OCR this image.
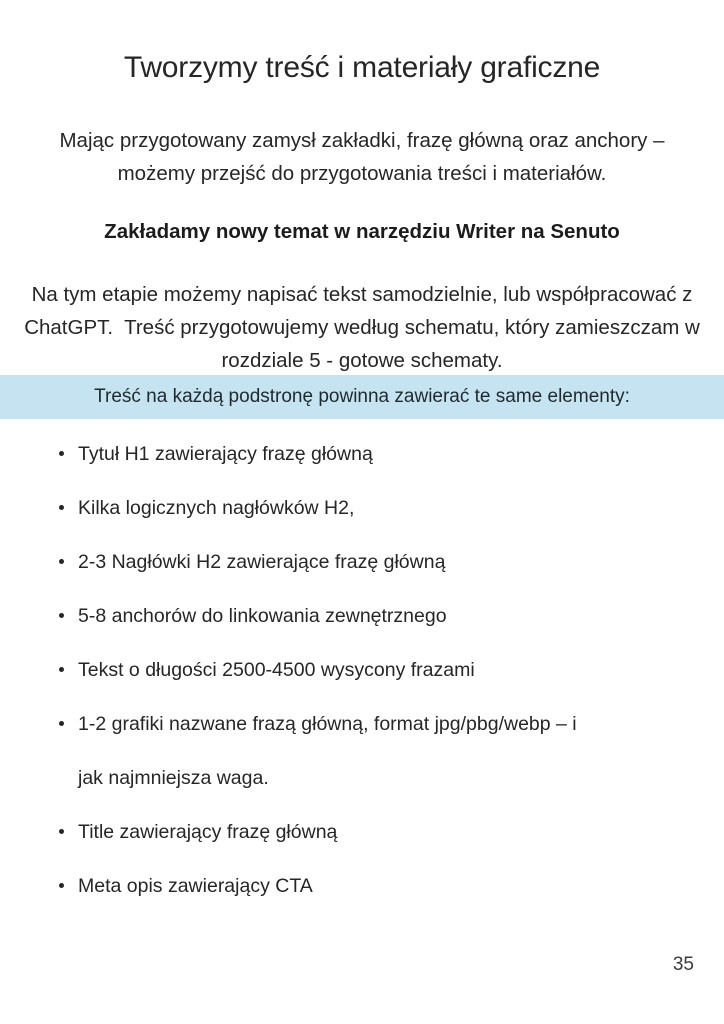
Tworzymy treść i materiały graficzne

Mając przygotowany zamysł zakładki, frazę główną oraz anchory – możemy przejść do przygotowania treści i materiałów.

Zakładamy nowy temat w narzędziu Writer na Senuto

Na tym etapie możemy napisać tekst samodzielnie, lub współpracować z ChatGPT.  Treść przygotowujemy według schematu, który zamieszczam w rozdziale 5 - gotowe schematy.

Treść na każdą podstronę powinna zawierać te same elementy:
Tytuł H1 zawierający frazę główną
Kilka logicznych nagłówków H2,
2-3 Nagłówki H2 zawierające frazę główną
5-8 anchorów do linkowania zewnętrznego
Tekst o długości 2500-4500 wysycony frazami
1-2 grafiki nazwane frazą główną, format jpg/pbg/webp – i
jak najmniejsza waga.
Title zawierający frazę główną
Meta opis zawierający CTA
35
